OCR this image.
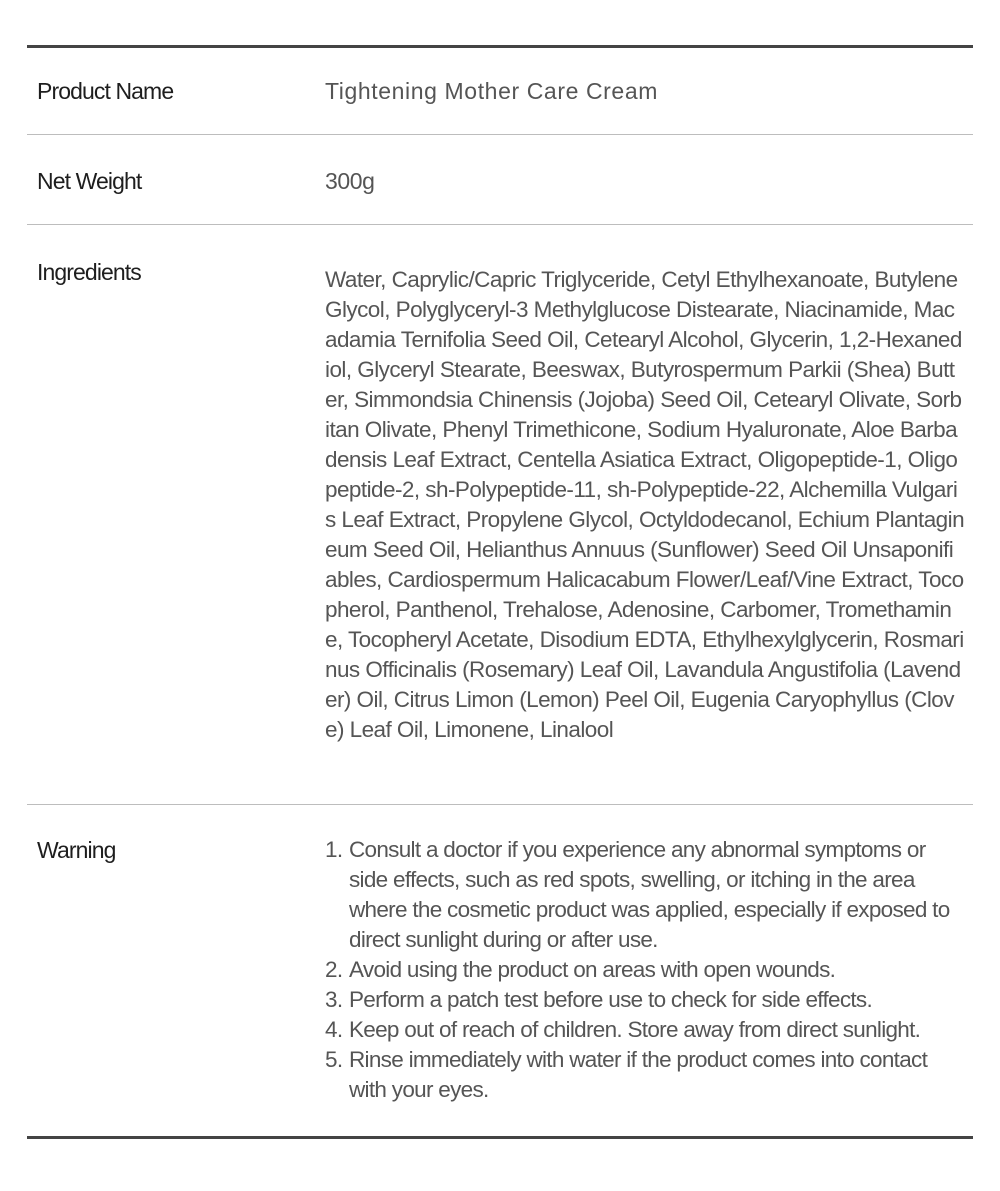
Product Name	Tightening Mother Care Cream
Net Weight	300g
Ingredients	Water, Caprylic/Capric Triglyceride, Cetyl Ethylhexanoate, Butylene Glycol, Polyglyceryl-3 Methylglucose Distearate, Niacinamide, Macadamia Ternifolia Seed Oil, Cetearyl Alcohol, Glycerin, 1,2-Hexanediol, Glyceryl Stearate, Beeswax, Butyrospermum Parkii (Shea) Butter, Simmondsia Chinensis (Jojoba) Seed Oil, Cetearyl Olivate, Sorbitan Olivate, Phenyl Trimethicone, Sodium Hyaluronate, Aloe Barbadensis Leaf Extract, Centella Asiatica Extract, Oligopeptide-1, Oligopeptide-2, sh-Polypeptide-11, sh-Polypeptide-22, Alchemilla Vulgaris Leaf Extract, Propylene Glycol, Octyldodecanol, Echium Plantagineum Seed Oil, Helianthus Annuus (Sunflower) Seed Oil Unsaponifiables, Cardiospermum Halicacabum Flower/Leaf/Vine Extract, Tocopherol, Panthenol, Trehalose, Adenosine, Carbomer, Tromethamine, Tocopheryl Acetate, Disodium EDTA, Ethylhexylglycerin, Rosmarinus Officinalis (Rosemary) Leaf Oil, Lavandula Angustifolia (Lavender) Oil, Citrus Limon (Lemon) Peel Oil, Eugenia Caryophyllus (Clove) Leaf Oil, Limonene, Linalool
Warning	1. Consult a doctor if you experience any abnormal symptoms or side effects, such as red spots, swelling, or itching in the area where the cosmetic product was applied, especially if exposed to direct sunlight during or after use.
2. Avoid using the product on areas with open wounds.
3. Perform a patch test before use to check for side effects.
4. Keep out of reach of children. Store away from direct sunlight.
5. Rinse immediately with water if the product comes into contact with your eyes.
